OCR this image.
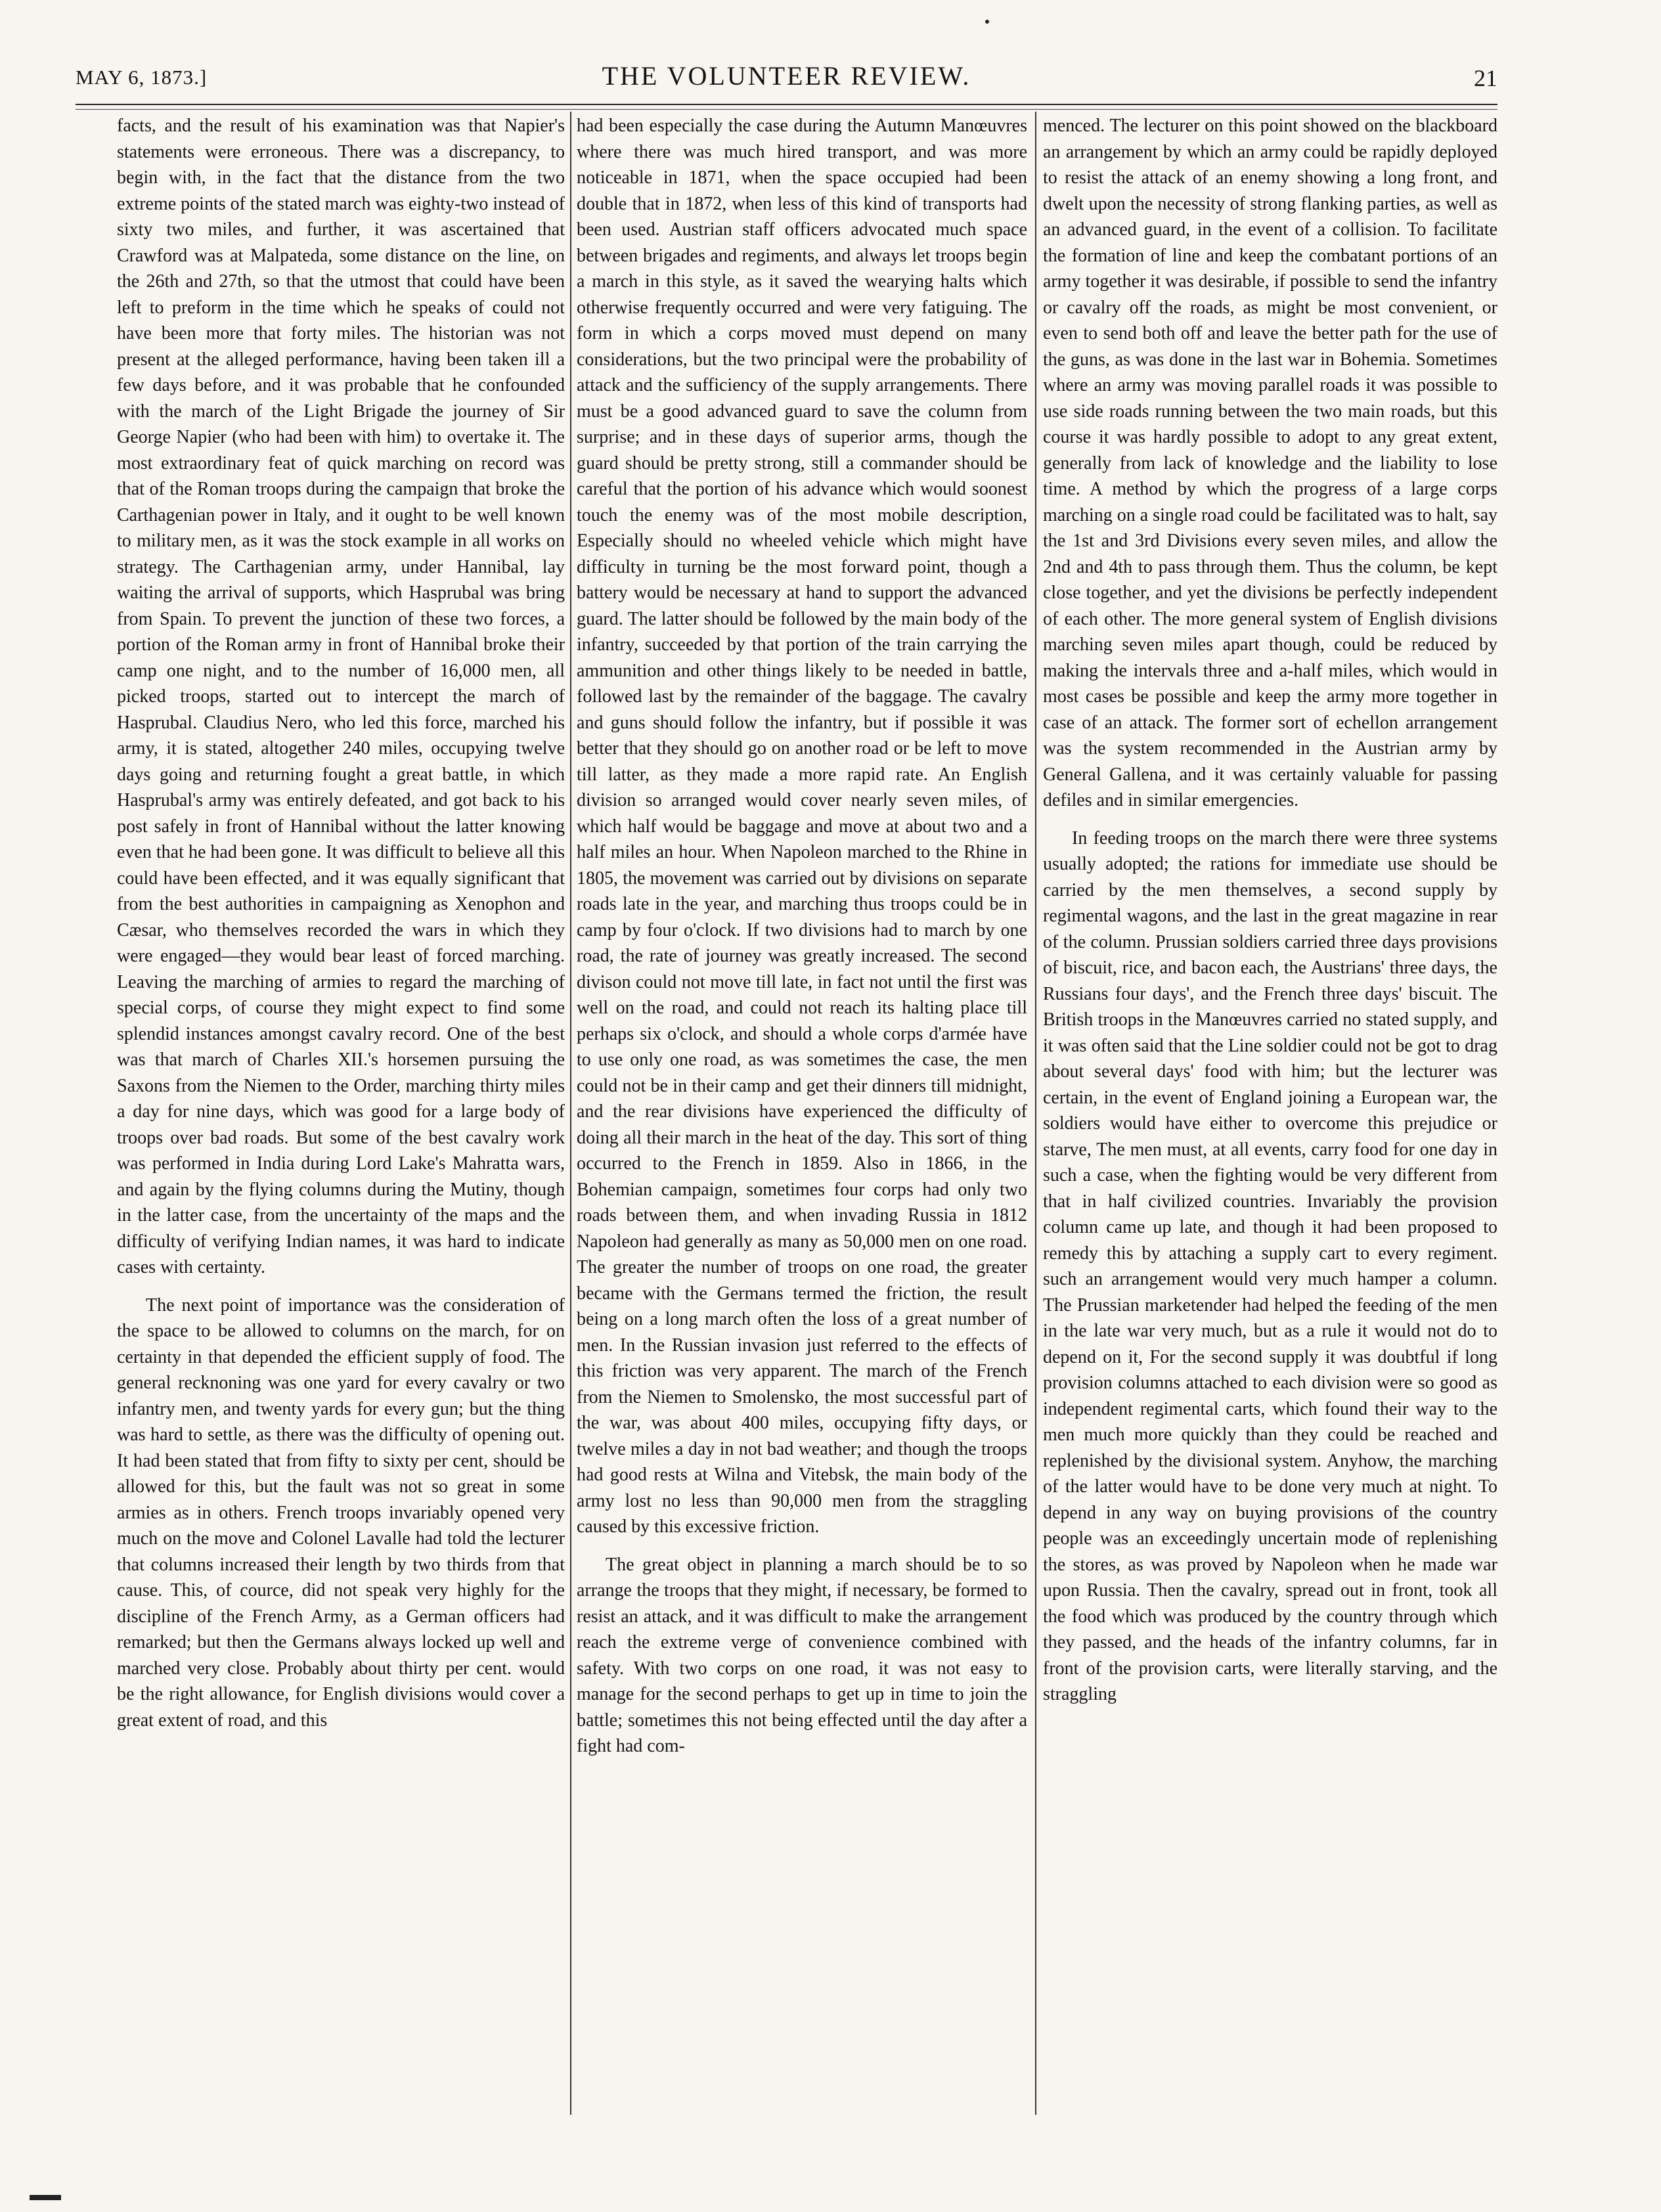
MAY 6, 1873.]	THE VOLUNTEER REVIEW.	21

facts, and the result of his examination was that Napier's statements were erroneous. There was a discrepancy, to begin with, in the fact that the distance from the two extreme points of the stated march was eighty-two instead of sixty two miles, and further, it was ascertained that Crawford was at Malpateda, some distance on the line, on the 26th and 27th, so that the utmost that could have been left to preform in the time which he speaks of could not have been more that forty miles. The historian was not present at the alleged performance, having been taken ill a few days before, and it was probable that he confounded with the march of the Light Brigade the journey of Sir George Napier (who had been with him) to overtake it. The most extraordinary feat of quick marching on record was that of the Roman troops during the campaign that broke the Carthagenian power in Italy, and it ought to be well known to military men, as it was the stock example in all works on strategy. The Carthagenian army, under Hannibal, lay waiting the arrival of supports, which Hasprubal was bring from Spain. To prevent the junction of these two forces, a portion of the Roman army in front of Hannibal broke their camp one night, and to the number of 16,000 men, all picked troops, started out to intercept the march of Hasprubal. Claudius Nero, who led this force, marched his army, it is stated, altogether 240 miles, occupying twelve days going and returning fought a great battle, in which Hasprubal's army was entirely defeated, and got back to his post safely in front of Hannibal without the latter knowing even that he had been gone. It was difficult to believe all this could have been effected, and it was equally significant that from the best authorities in campaigning as Xenophon and Cæsar, who themselves recorded the wars in which they were engaged—they would bear least of forced marching. Leaving the marching of armies to regard the marching of special corps, of course they might expect to find some splendid instances amongst cavalry record. One of the best was that march of Charles XII.'s horsemen pursuing the Saxons from the Niemen to the Order, marching thirty miles a day for nine days, which was good for a large body of troops over bad roads. But some of the best cavalry work was performed in India during Lord Lake's Mahratta wars, and again by the flying columns during the Mutiny, though in the latter case, from the uncertainty of the maps and the difficulty of verifying Indian names, it was hard to indicate cases with certainty.

The next point of importance was the consideration of the space to be allowed to columns on the march, for on certainty in that depended the efficient supply of food. The general recknoning was one yard for every cavalry or two infantry men, and twenty yards for every gun; but the thing was hard to settle, as there was the difficulty of opening out. It had been stated that from fifty to sixty per cent, should be allowed for this, but the fault was not so great in some armies as in others. French troops invariably opened very much on the move and Colonel Lavalle had told the lecturer that columns increased their length by two thirds from that cause. This, of cource, did not speak very highly for the discipline of the French Army, as a German officers had remarked; but then the Germans always locked up well and marched very close. Probably about thirty per cent. would be the right allowance, for English divisions would cover a great extent of road, and this

had been especially the case during the Autumn Manœuvres where there was much hired transport, and was more noticeable in 1871, when the space occupied had been double that in 1872, when less of this kind of transports had been used. Austrian staff officers advocated much space between brigades and regiments, and always let troops begin a march in this style, as it saved the wearying halts which otherwise frequently occurred and were very fatiguing. The form in which a corps moved must depend on many considerations, but the two principal were the probability of attack and the sufficiency of the supply arrangements. There must be a good advanced guard to save the column from surprise; and in these days of superior arms, though the guard should be pretty strong, still a commander should be careful that the portion of his advance which would soonest touch the enemy was of the most mobile description, Especially should no wheeled vehicle which might have difficulty in turning be the most forward point, though a battery would be necessary at hand to support the advanced guard. The latter should be followed by the main body of the infantry, succeeded by that portion of the train carrying the ammunition and other things likely to be needed in battle, followed last by the remainder of the baggage. The cavalry and guns should follow the infantry, but if possible it was better that they should go on another road or be left to move till latter, as they made a more rapid rate. An English division so arranged would cover nearly seven miles, of which half would be baggage and move at about two and a half miles an hour. When Napoleon marched to the Rhine in 1805, the movement was carried out by divisions on separate roads late in the year, and marching thus troops could be in camp by four o'clock. If two divisions had to march by one road, the rate of journey was greatly increased. The second divison could not move till late, in fact not until the first was well on the road, and could not reach its halting place till perhaps six o'clock, and should a whole corps d'armée have to use only one road, as was sometimes the case, the men could not be in their camp and get their dinners till midnight, and the rear divisions have experienced the difficulty of doing all their march in the heat of the day. This sort of thing occurred to the French in 1859. Also in 1866, in the Bohemian campaign, sometimes four corps had only two roads between them, and when invading Russia in 1812 Napoleon had generally as many as 50,000 men on one road. The greater the number of troops on one road, the greater became with the Germans termed the friction, the result being on a long march often the loss of a great number of men. In the Russian invasion just referred to the effects of this friction was very apparent. The march of the French from the Niemen to Smolensko, the most successful part of the war, was about 400 miles, occupying fifty days, or twelve miles a day in not bad weather; and though the troops had good rests at Wilna and Vitebsk, the main body of the army lost no less than 90,000 men from the straggling caused by this excessive friction.

The great object in planning a march should be to so arrange the troops that they might, if necessary, be formed to resist an attack, and it was difficult to make the arrangement reach the extreme verge of convenience combined with safety. With two corps on one road, it was not easy to manage for the second perhaps to get up in time to join the battle; sometimes this not being effected until the day after a fight had com-

menced. The lecturer on this point showed on the blackboard an arrangement by which an army could be rapidly deployed to resist the attack of an enemy showing a long front, and dwelt upon the necessity of strong flanking parties, as well as an advanced guard, in the event of a collision. To facilitate the formation of line and keep the combatant portions of an army together it was desirable, if possible to send the infantry or cavalry off the roads, as might be most convenient, or even to send both off and leave the better path for the use of the guns, as was done in the last war in Bohemia. Sometimes where an army was moving parallel roads it was possible to use side roads running between the two main roads, but this course it was hardly possible to adopt to any great extent, generally from lack of knowledge and the liability to lose time. A method by which the progress of a large corps marching on a single road could be facilitated was to halt, say the 1st and 3rd Divisions every seven miles, and allow the 2nd and 4th to pass through them. Thus the column, be kept close together, and yet the divisions be perfectly independent of each other. The more general system of English divisions marching seven miles apart though, could be reduced by making the intervals three and a-half miles, which would in most cases be possible and keep the army more together in case of an attack. The former sort of echellon arrangement was the system recommended in the Austrian army by General Gallena, and it was certainly valuable for passing defiles and in similar emergencies.

In feeding troops on the march there were three systems usually adopted; the rations for immediate use should be carried by the men themselves, a second supply by regimental wagons, and the last in the great magazine in rear of the column. Prussian soldiers carried three days provisions of biscuit, rice, and bacon each, the Austrians' three days, the Russians four days', and the French three days' biscuit. The British troops in the Manœuvres carried no stated supply, and it was often said that the Line soldier could not be got to drag about several days' food with him; but the lecturer was certain, in the event of England joining a European war, the soldiers would have either to overcome this prejudice or starve, The men must, at all events, carry food for one day in such a case, when the fighting would be very different from that in half civilized countries. Invariably the provision column came up late, and though it had been proposed to remedy this by attaching a supply cart to every regiment. such an arrangement would very much hamper a column. The Prussian marketender had helped the feeding of the men in the late war very much, but as a rule it would not do to depend on it, For the second supply it was doubtful if long provision columns attached to each division were so good as independent regimental carts, which found their way to the men much more quickly than they could be reached and replenished by the divisional system. Anyhow, the marching of the latter would have to be done very much at night. To depend in any way on buying provisions of the country people was an exceedingly uncertain mode of replenishing the stores, as was proved by Napoleon when he made war upon Russia. Then the cavalry, spread out in front, took all the food which was produced by the country through which they passed, and the heads of the infantry columns, far in front of the provision carts, were literally starving, and the straggling
